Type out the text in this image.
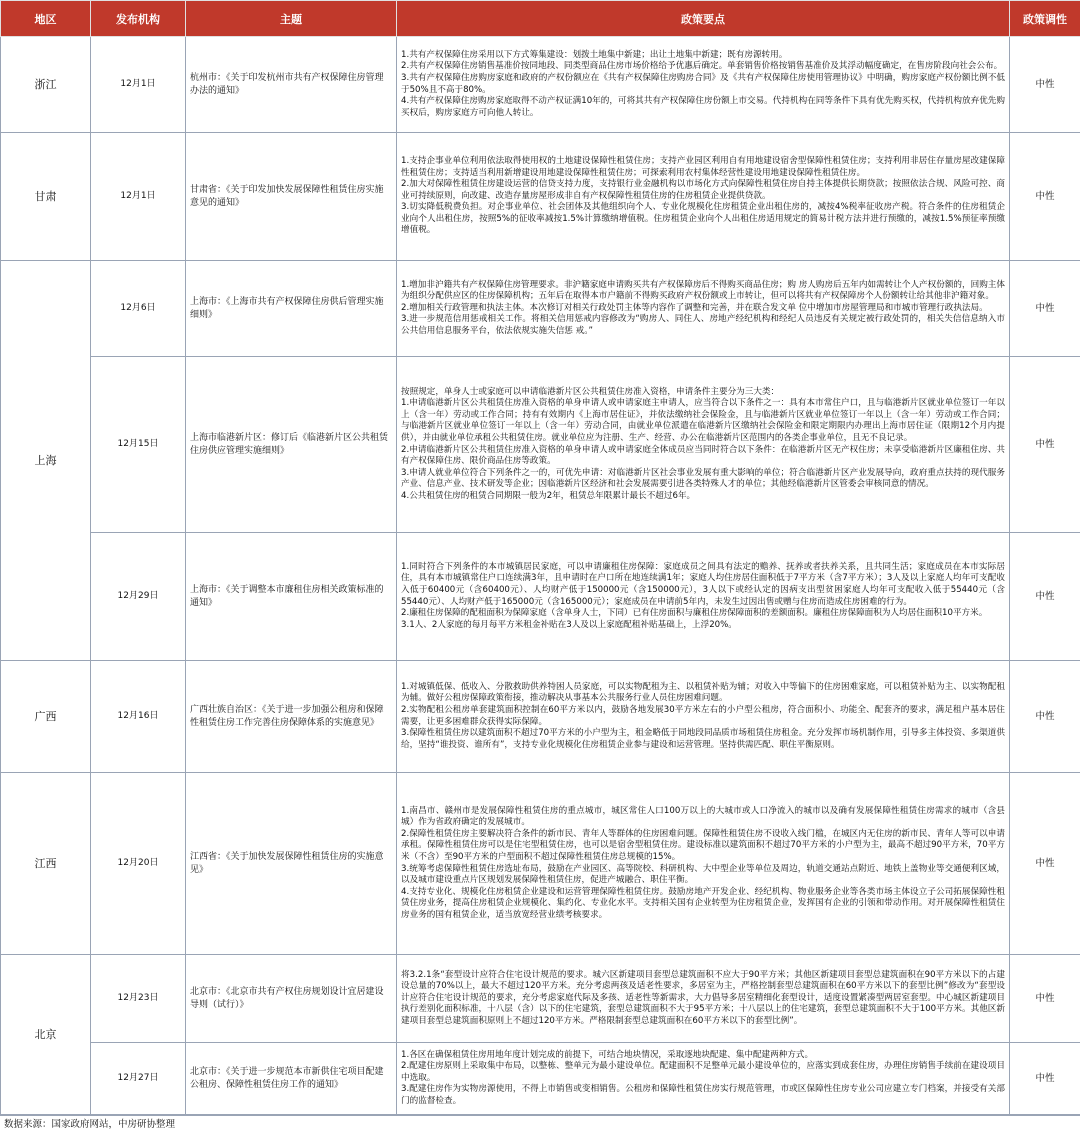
地区	发布机构	主题	政策要点	政策调性
浙江	12月1日	杭州市：《关于印发杭州市共有产权保障住房管理办法的通知》	1.共有产权保障住房采用以下方式筹集建设：划拨土地集中新建；出让土地集中新建；既有房源转用。
2.共有产权保障住房销售基准价按同地段、同类型商品住房市场价格给予优惠后确定。单套销售价格按销售基准价及其浮动幅度确定，在售房阶段向社会公布。
3.共有产权保障住房购房家庭和政府的产权份额应在《共有产权保障住房购房合同》及《共有产权保障住房使用管理协议》中明确，购房家庭产权份额比例不低于50%且不高于80%。
4.共有产权保障住房购房家庭取得不动产权证满10年的，可将其共有产权保障住房份额上市交易。代持机构在同等条件下具有优先购买权，代持机构放弃优先购买权后，购房家庭方可向他人转让。	中性
甘肃	12月1日	甘肃省：《关于印发加快发展保障性租赁住房实施意见的通知》	1.支持企事业单位利用依法取得使用权的土地建设保障性租赁住房；支持产业园区利用自有用地建设宿舍型保障性租赁住房；支持利用非居住存量房屋改建保障性租赁住房；支持适当利用新增建设用地建设保障性租赁住房；可探索利用农村集体经营性建设用地建设保障性租赁住房。
2.加大对保障性租赁住房建设运营的信贷支持力度，支持银行业金融机构以市场化方式向保障性租赁住房自持主体提供长期贷款；按照依法合规、风险可控、商业可持续原则，向改建、改造存量房屋形成非自有产权保障性租赁住房的住房租赁企业提供贷款。
3.切实降低税费负担。对企事业单位、社会团体及其他组织向个人、专业化规模化住房租赁企业出租住房的，减按4%税率征收房产税。符合条件的住房租赁企业向个人出租住房，按照5%的征收率减按1.5%计算缴纳增值税。住房租赁企业向个人出租住房适用规定的简易计税方法并进行预缴的，减按1.5%预征率预缴增值税。	中性
上海	12月6日	上海市：《上海市共有产权保障住房供后管理实施细则》	1.增加非沪籍共有产权保障住房管理要求。非沪籍家庭申请购买共有产权保障房后不得购买商品住房；购 房人购房后五年内如需转让个人产权份额的，回购主体为组织分配供应区的住房保障机构；五年后在取得本市户籍前不得购买政府产权份额或上市转让，但可以将共有产权保障房个人份额转让给其他非沪籍对象。
2.增加相关行政管理和执法主体。本次修订对相关行政处罚主体等内容作了调整和完善，并在联合发文单 位中增加市房屋管理局和市城市管理行政执法局。
3.进一步规范信用惩戒相关工作。将相关信用惩戒内容修改为“购房人、同住人、房地产经纪机构和经纪人员违反有关规定被行政处罚的，相关失信信息纳入市公共信用信息服务平台，依法依规实施失信惩 戒。”	中性
	12月15日	上海市临港新片区：修订后《临港新片区公共租赁住房供应管理实施细则》	按照规定，单身人士或家庭可以申请临港新片区公共租赁住房准入资格，申请条件主要分为三大类：
1.申请临港新片区公共租赁住房准入资格的单身申请人或申请家庭主申请人，应当符合以下条件之一：具有本市常住户口，且与临港新片区就业单位签订一年以上（含一年）劳动或工作合同；持有有效期内《上海市居住证》，并依法缴纳社会保险金，且与临港新片区就业单位签订一年以上（含一年）劳动或工作合同；与临港新片区就业单位签订一年以上（含一年）劳动合同，由就业单位派遣在临港新片区缴纳社会保险金和限定期限内办理出上海市居住证（限期12个月内提供），并由就业单位承租公共租赁住房。就业单位应为注册、生产、经营、办公在临港新片区范围内的各类企事业单位，且无不良记录。
2.申请临港新片区公共租赁住房准入资格的单身申请人或申请家庭全体成员应当同时符合以下条件：在临港新片区无产权住房；未享受临港新片区廉租住房、共有产权保障住房、限价商品住房等政策。
3.申请人就业单位符合下列条件之一的，可优先申请：对临港新片区社会事业发展有重大影响的单位；符合临港新片区产业发展导向，政府重点扶持的现代服务产业、信息产业、技术研发等企业；因临港新片区经济和社会发展需要引进各类特殊人才的单位；其他经临港新片区管委会审核同意的情况。
4.公共租赁住房的租赁合同期限一般为2年，租赁总年限累计最长不超过6年。	中性
	12月29日	上海市：《关于调整本市廉租住房相关政策标准的通知》	1.同时符合下列条件的本市城镇居民家庭，可以申请廉租住房保障：家庭成员之间具有法定的赡养、抚养或者扶养关系，且共同生活；家庭成员在本市实际居住，具有本市城镇常住户口连续满3年，且申请时在户口所在地连续满1年；家庭人均住房居住面积低于7平方米（含7平方米）；3人及以上家庭人均年可支配收入低于60400元（含60400元）、人均财产低于150000元（含150000元），3人以下或经认定的因病支出型贫困家庭人均年可支配收入低于55440元（含55440元）、人均财产低于165000元（含165000元）；家庭成员在申请前5年内，未发生过因出售或赠与住房而造成住房困难的行为。
2.廉租住房保障的配租面积为保障家庭（含单身人士，下同）已有住房面积与廉租住房保障面积的差额面积。廉租住房保障面积为人均居住面积10平方米。
3.1人、2人家庭的每月每平方米租金补贴在3人及以上家庭配租补贴基础上，上浮20%。	中性
广西	12月16日	广西壮族自治区：《关于进一步加强公租房和保障性租赁住房工作完善住房保障体系的实施意见》	1.对城镇低保、低收入、分散救助供养特困人员家庭，可以实物配租为主、以租赁补贴为辅；对收入中等偏下的住房困难家庭，可以租赁补贴为主、以实物配租为辅。做好公租房保障政策衔接，推动解决从事基本公共服务行业人员住房困难问题。
2.实物配租公租房单套建筑面积控制在60平方米以内，鼓励各地发展30平方米左右的小户型公租房，符合面积小、功能全、配套齐的要求，满足租户基本居住需要，让更多困难群众获得实际保障。
3.保障性租赁住房以建筑面积不超过70平方米的小户型为主，租金略低于同地段同品质市场租赁住房租金。充分发挥市场机制作用，引导多主体投资、多渠道供给，坚持“谁投资、谁所有”，支持专业化规模化住房租赁企业参与建设和运营管理。坚持供需匹配、职住平衡原则。	中性
江西	12月20日	江西省：《关于加快发展保障性租赁住房的实施意见》	1.南昌市、赣州市是发展保障性租赁住房的重点城市，城区常住人口100万以上的大城市或人口净流入的城市以及确有发展保障性租赁住房需求的城市（含县城）作为省政府确定的发展城市。
2.保障性租赁住房主要解决符合条件的新市民、青年人等群体的住房困难问题。保障性租赁住房不设收入线门槛，在城区内无住房的新市民、青年人等可以申请承租。保障性租赁住房可以是住宅型租赁住房，也可以是宿舍型租赁住房。建设标准以建筑面积不超过70平方米的小户型为主，最高不超过90平方米，70平方米（不含）至90平方米的户型面积不超过保障性租赁住房总规模的15%。
3.统筹考虑保障性租赁住房选址布局，鼓励在产业园区、高等院校、科研机构、大中型企业等单位及周边，轨道交通站点附近、地铁上盖物业等交通便利区域，以及城市建设重点片区规划发展保障性租赁住房，促进产城融合、职住平衡。
4.支持专业化、规模化住房租赁企业建设和运营管理保障性租赁住房。鼓励房地产开发企业、经纪机构、物业服务企业等各类市场主体设立子公司拓展保障性租赁住房业务，提高住房租赁企业规模化、集约化、专业化水平。支持相关国有企业转型为住房租赁企业，发挥国有企业的引领和带动作用。对开展保障性租赁住房业务的国有租赁企业，适当放宽经营业绩考核要求。	中性
北京	12月23日	北京市：《北京市共有产权住房规划设计宜居建设导则（试行）》	将3.2.1条“套型设计应符合住宅设计规范的要求。城六区新建项目套型总建筑面积不应大于90平方米；其他区新建项目套型总建筑面积在90平方米以下的占建设总量的70%以上，最大不超过120平方米。充分考虑两孩及适老性要求，多居室为主，严格控制套型总建筑面积在60平方米以下的套型比例”修改为“套型设计应符合住宅设计规范的要求，充分考虑家庭代际及多孩、适老性等新需求，大力倡导多居室精细化套型设计，适度设置紧凑型两居室套型。中心城区新建项目执行差别化面积标准，十八层（含）以下的住宅建筑，套型总建筑面积不大于95平方米；十八层以上的住宅建筑，套型总建筑面积不大于100平方米。其他区新建项目套型总建筑面积原则上不超过120平方米。严格限制套型总建筑面积在60平方米以下的套型比例”。	中性
	12月27日	北京市：《关于进一步规范本市新供住宅项目配建公租房、保障性租赁住房工作的通知》	1.各区在确保租赁住房用地年度计划完成的前提下，可结合地块情况，采取逐地块配建、集中配建两种方式。
2.配建住房原则上采取集中布局，以整栋、整单元为最小建设单位。配建面积不足整单元最小建设单位的，应落实到成套住房，办理住房销售手续前在建设项目中选取。
3.配建住房作为实物房源使用，不得上市销售或变相销售。公租房和保障性租赁住房实行规范管理，市或区保障性住房专业公司应建立专门档案，并接受有关部门的监督检查。	中性
数据来源：国家政府网站，中房研协整理
